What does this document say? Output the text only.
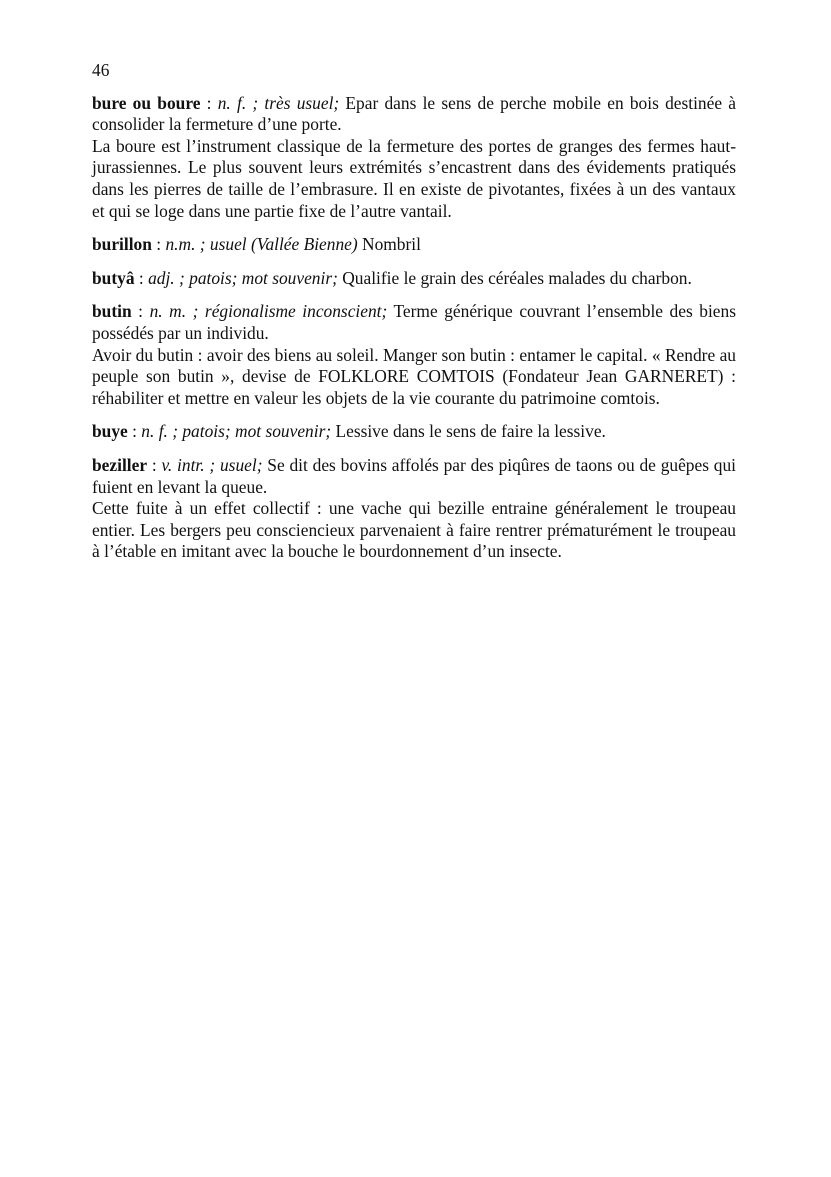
46

bure ou boure : n. f. ; très usuel; Epar dans le sens de perche mobile en bois destinée à consolider la fermeture d’une porte.

La boure est l’instrument classique de la fermeture des portes de granges des fermes haut-jurassiennes. Le plus souvent leurs extrémités s’encastrent dans des évidements pratiqués dans les pierres de taille de l’embrasure. Il en existe de pivotantes, fixées à un des vantaux et qui se loge dans une partie fixe de l’autre vantail.

burillon : n.m. ; usuel (Vallée Bienne) Nombril

butyâ : adj. ; patois; mot souvenir; Qualifie le grain des céréales malades du charbon.

butin : n. m. ; régionalisme inconscient; Terme générique couvrant l’ensemble des biens possédés par un individu.

Avoir du butin : avoir des biens au soleil. Manger son butin : entamer le capital. « Rendre au peuple son butin », devise de FOLKLORE COMTOIS (Fondateur Jean GARNERET) : réhabiliter et mettre en valeur les objets de la vie courante du patrimoine comtois.

buye : n. f. ; patois; mot souvenir; Lessive dans le sens de faire la lessive.

beziller : v. intr. ; usuel; Se dit des bovins affolés par des piqûres de taons ou de guêpes qui fuient en levant la queue.

Cette fuite à un effet collectif : une vache qui bezille entraine généralement le troupeau entier. Les bergers peu consciencieux parvenaient à faire rentrer prématurément le troupeau à l’étable en imitant avec la bouche le bourdonnement d’un insecte.
